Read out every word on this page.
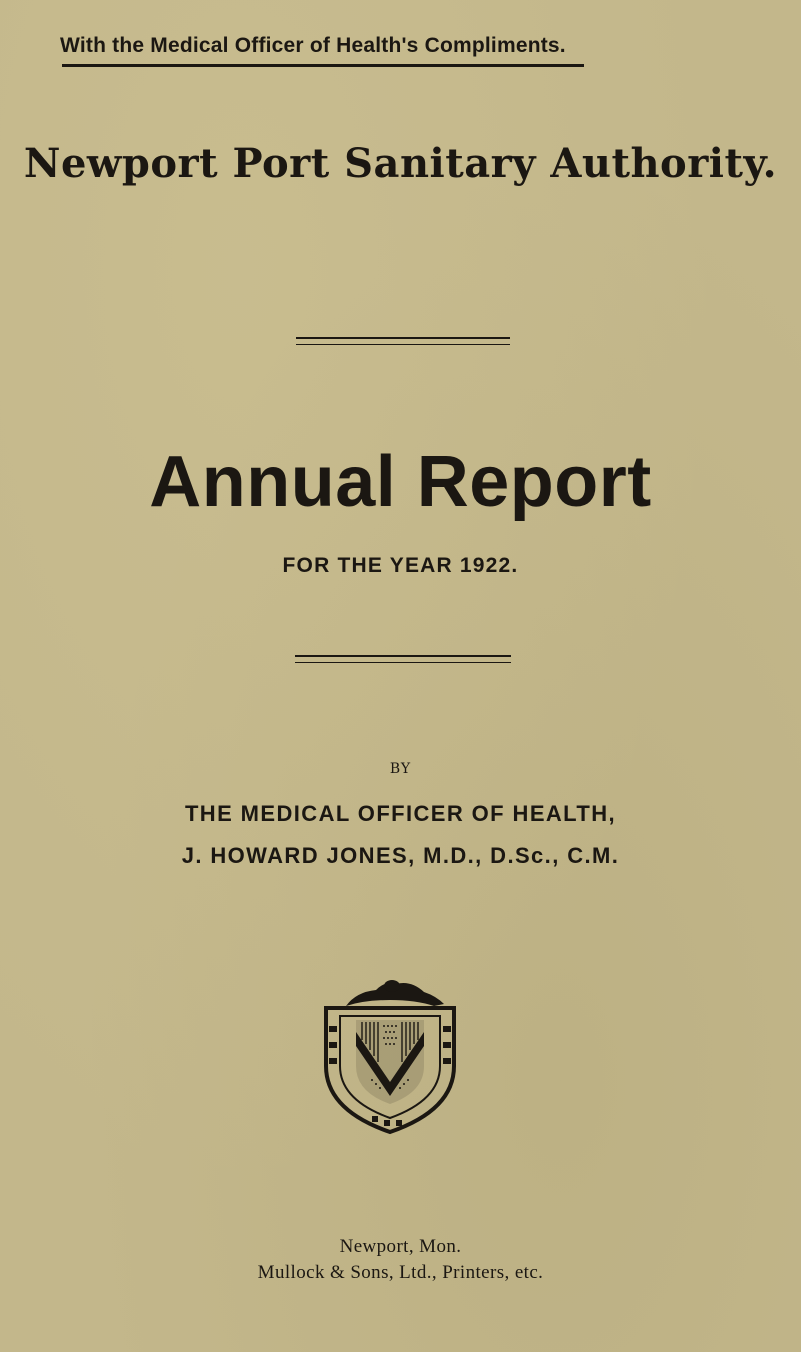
With the Medical Officer of Health's Compliments.
Newport Port Sanitary Authority.
Annual Report
FOR THE YEAR 1922.
BY
THE MEDICAL OFFICER OF HEALTH,
J. HOWARD JONES, M.D., D.Sc., C.M.
Newport, Mon.
Mullock & Sons, Ltd., Printers, etc.
